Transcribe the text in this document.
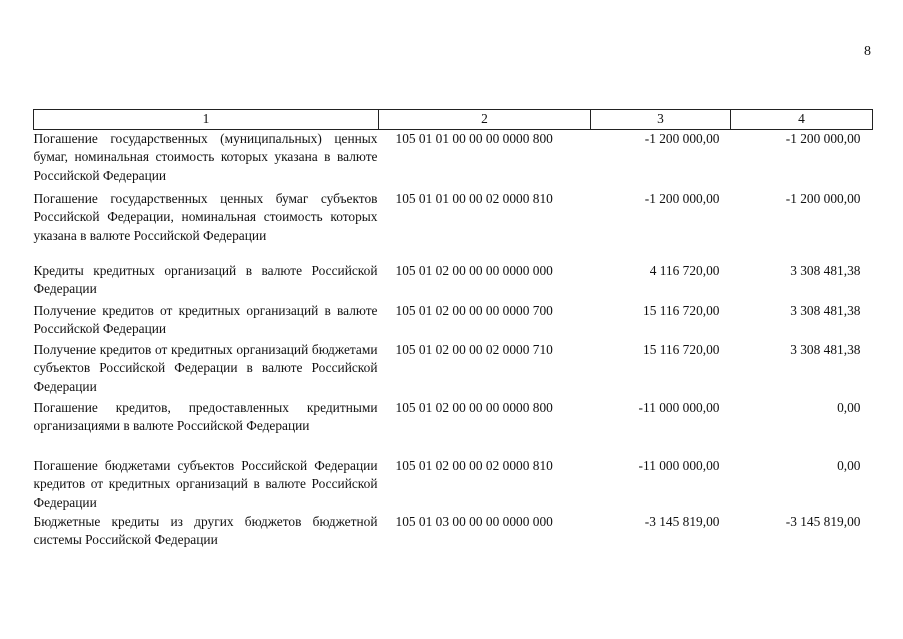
8
1	2	3	4
Погашение государственных (муниципальных) ценных бумаг, номинальная стоимость которых указана в валюте Российской Федерации	105 01 01 00 00 00 0000 800	-1 200 000,00	-1 200 000,00
Погашение государственных ценных бумаг субъектов Российской Федерации, номинальная стоимость которых указана в валюте Российской Федерации	105 01 01 00 00 02 0000 810	-1 200 000,00	-1 200 000,00
Кредиты кредитных организаций в валюте Российской Федерации	105 01 02 00 00 00 0000 000	4 116 720,00	3 308 481,38
Получение кредитов от кредитных организаций в валюте Российской Федерации	105 01 02 00 00 00 0000 700	15 116 720,00	3 308 481,38
Получение кредитов от кредитных организаций бюджетами субъектов Российской Федерации в валюте Российской Федерации	105 01 02 00 00 02 0000 710	15 116 720,00	3 308 481,38
Погашение кредитов, предоставленных кредитными организациями в валюте Российской Федерации	105 01 02 00 00 00 0000 800	-11 000 000,00	0,00
Погашение бюджетами субъектов Российской Федерации кредитов от кредитных организаций в валюте Российской Федерации	105 01 02 00 00 02 0000 810	-11 000 000,00	0,00
Бюджетные кредиты из других бюджетов бюджетной системы Российской Федерации	105 01 03 00 00 00 0000 000	-3 145 819,00	-3 145 819,00
